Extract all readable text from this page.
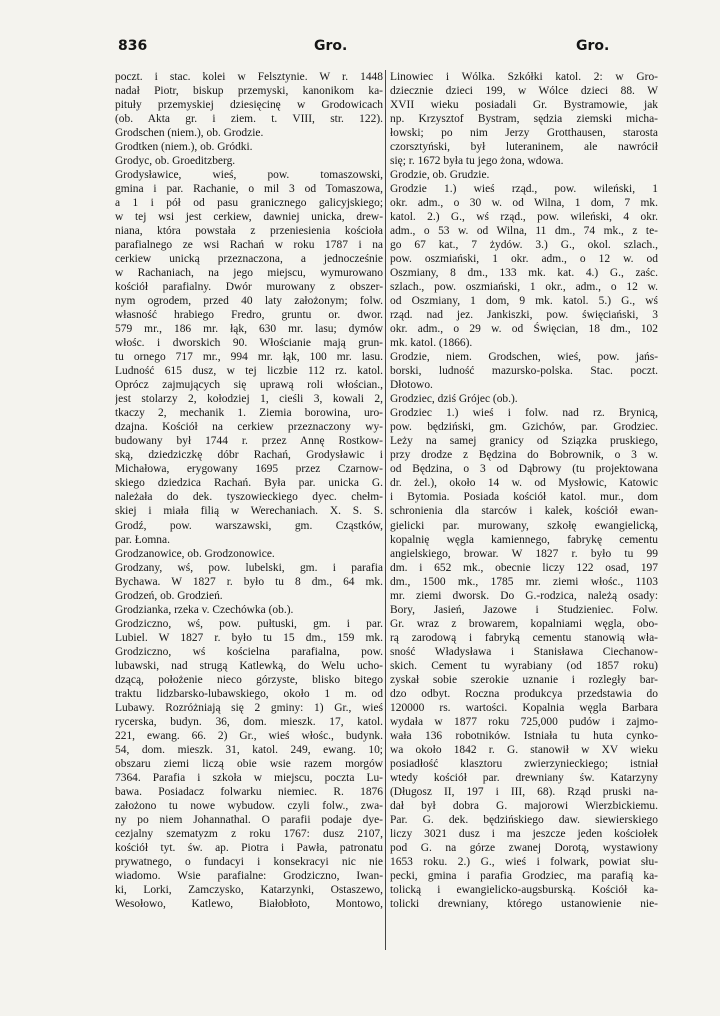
836	Gro.	Gro.
poczt. i stac. kolei w Felsztynie. W r. 1448
nadał Piotr, biskup przemyski, kanonikom ka-
pituły przemyskiej dziesięcinę w Grodowicach
(ob. Akta gr. i ziem. t. VIII, str. 122).
Grodschen (niem.), ob. Grodzie.
Grodtken (niem.), ob. Gródki.
Grodyc, ob. Groeditzberg.
Grodysławice, wieś, pow. tomaszowski,
gmina i par. Rachanie, o mil 3 od Tomaszowa,
a 1 i pół od pasu granicznego galicyjskiego;
w tej wsi jest cerkiew, dawniej unicka, drew-
niana, która powstała z przeniesienia kościoła
parafialnego ze wsi Rachań w roku 1787 i na
cerkiew unicką przeznaczona, a jednocześnie
w Rachaniach, na jego miejscu, wymurowano
kościół parafialny. Dwór murowany z obszer-
nym ogrodem, przed 40 laty założonym; folw.
własność hrabiego Fredro, gruntu or. dwor.
579 mr., 186 mr. łąk, 630 mr. lasu; dymów
włośc. i dworskich 90. Włościanie mają grun-
tu ornego 717 mr., 994 mr. łąk, 100 mr. lasu.
Ludność 615 dusz, w tej liczbie 112 rz. katol.
Oprócz zajmujących się uprawą roli włościan.,
jest stolarzy 2, kołodziej 1, cieśli 3, kowali 2,
tkaczy 2, mechanik 1. Ziemia borowina, uro-
dzajna. Kościół na cerkiew przeznaczony wy-
budowany był 1744 r. przez Annę Rostkow-
ską, dziedziczkę dóbr Rachań, Grodysławic i
Michałowa, erygowany 1695 przez Czarnow-
skiego dziedzica Rachań. Była par. unicka G.
należała do dek. tyszowieckiego dyec. chełm-
skiej i miała filią w Werechaniach. X. S. S.
Grodź, pow. warszawski, gm. Cząstków,
par. Łomna.
Grodzanowice, ob. Grodzonowice.
Grodzany, wś, pow. lubelski, gm. i parafia
Bychawa. W 1827 r. było tu 8 dm., 64 mk.
Grodzeń, ob. Grodzień.
Grodzianka, rzeka v. Czechówka (ob.).
Grodziczno, wś, pow. pułtuski, gm. i par.
Lubiel. W 1827 r. było tu 15 dm., 159 mk.
Grodziczno, wś kościelna parafialna, pow.
lubawski, nad strugą Katlewką, do Welu ucho-
dzącą, położenie nieco górzyste, blisko bitego
traktu lidzbarsko-lubawskiego, około 1 m. od
Lubawy. Rozróżniają się 2 gminy: 1) Gr., wieś
rycerska, budyn. 36, dom. mieszk. 17, katol.
221, ewang. 66. 2) Gr., wieś włośc., budynk.
54, dom. mieszk. 31, katol. 249, ewang. 10;
obszaru ziemi liczą obie wsie razem morgów
7364. Parafia i szkoła w miejscu, poczta Lu-
bawa. Posiadacz folwarku niemiec. R. 1876
założono tu nowe wybudow. czyli folw., zwa-
ny po niem Johannathal. O parafii podaje dye-
cezjalny szematyzm z roku 1767: dusz 2107,
kościół tyt. św. ap. Piotra i Pawła, patronatu
prywatnego, o fundacyi i konsekracyi nic nie
wiadomo. Wsie parafialne: Grodziczno, Iwan-
ki, Lorki, Zamczysko, Katarzynki, Ostaszewo,
Wesołowo, Katlewo, Białobłoto, Montowo,
Linowiec i Wólka. Szkółki katol. 2: w Gro-
dziecznie dzieci 199, w Wólce dzieci 88. W
XVII wieku posiadali Gr. Bystramowie, jak
np. Krzysztof Bystram, sędzia ziemski micha-
łowski; po nim Jerzy Grotthausen, starosta
czorsztyński, był luteraninem, ale nawrócił
się; r. 1672 była tu jego żona, wdowa.
Grodzie, ob. Grudzie.
Grodzie 1.) wieś rząd., pow. wileński, 1
okr. adm., o 30 w. od Wilna, 1 dom, 7 mk.
katol. 2.) G., wś rząd., pow. wileński, 4 okr.
adm., o 53 w. od Wilna, 11 dm., 74 mk., z te-
go 67 kat., 7 żydów. 3.) G., okol. szlach.,
pow. oszmiański, 1 okr. adm., o 12 w. od
Oszmiany, 8 dm., 133 mk. kat. 4.) G., zaśc.
szlach., pow. oszmiański, 1 okr., adm., o 12 w.
od Oszmiany, 1 dom, 9 mk. katol. 5.) G., wś
rząd. nad jez. Jankiszki, pow. święciański, 3
okr. adm., o 29 w. od Święcian, 18 dm., 102
mk. katol. (1866).
Grodzie, niem. Grodschen, wieś, pow. jańs-
borski, ludność mazursko-polska. Stac. poczt.
Dłotowo.
Grodziec, dziś Grójec (ob.).
Grodziec 1.) wieś i folw. nad rz. Brynicą,
pow. będziński, gm. Gzichów, par. Grodziec.
Leży na samej granicy od Sziązka pruskiego,
przy drodze z Będzina do Bobrownik, o 3 w.
od Będzina, o 3 od Dąbrowy (tu projektowana
dr. żel.), około 14 w. od Mysłowic, Katowic
i Bytomia. Posiada kościół katol. mur., dom
schronienia dla starców i kalek, kościół ewan-
gielicki par. murowany, szkołę ewangielicką,
kopalnię węgla kamiennego, fabrykę cementu
angielskiego, browar. W 1827 r. było tu 99
dm. i 652 mk., obecnie liczy 122 osad, 197
dm., 1500 mk., 1785 mr. ziemi włośc., 1103
mr. ziemi dworsk. Do G.-rodzica, należą osady:
Bory, Jasień, Jazowe i Studzieniec. Folw.
Gr. wraz z browarem, kopalniami węgla, obo-
rą zarodową i fabryką cementu stanowią wła-
sność Władysława i Stanisława Ciechanow-
skich. Cement tu wyrabiany (od 1857 roku)
zyskał sobie szerokie uznanie i rozległy bar-
dzo odbyt. Roczna produkcya przedstawia do
120000 rs. wartości. Kopalnia węgla Barbara
wydała w 1877 roku 725,000 pudów i zajmo-
wała 136 robotników. Istniała tu huta cynko-
wa około 1842 r. G. stanowił w XV wieku
posiadłość klasztoru zwierzynieckiego; istniał
wtedy kościół par. drewniany św. Katarzyny
(Długosz II, 197 i III, 68). Rząd pruski na-
dał był dobra G. majorowi Wierzbickiemu.
Par. G. dek. będzińskiego daw. siewierskiego
liczy 3021 dusz i ma jeszcze jeden kościołek
pod G. na górze zwanej Dorotą, wystawiony
1653 roku. 2.) G., wieś i folwark, powiat słu-
pecki, gmina i parafia Grodziec, ma parafią ka-
tolicką i ewangielicko-augsburską. Kościół ka-
tolicki drewniany, którego ustanowienie nie-
